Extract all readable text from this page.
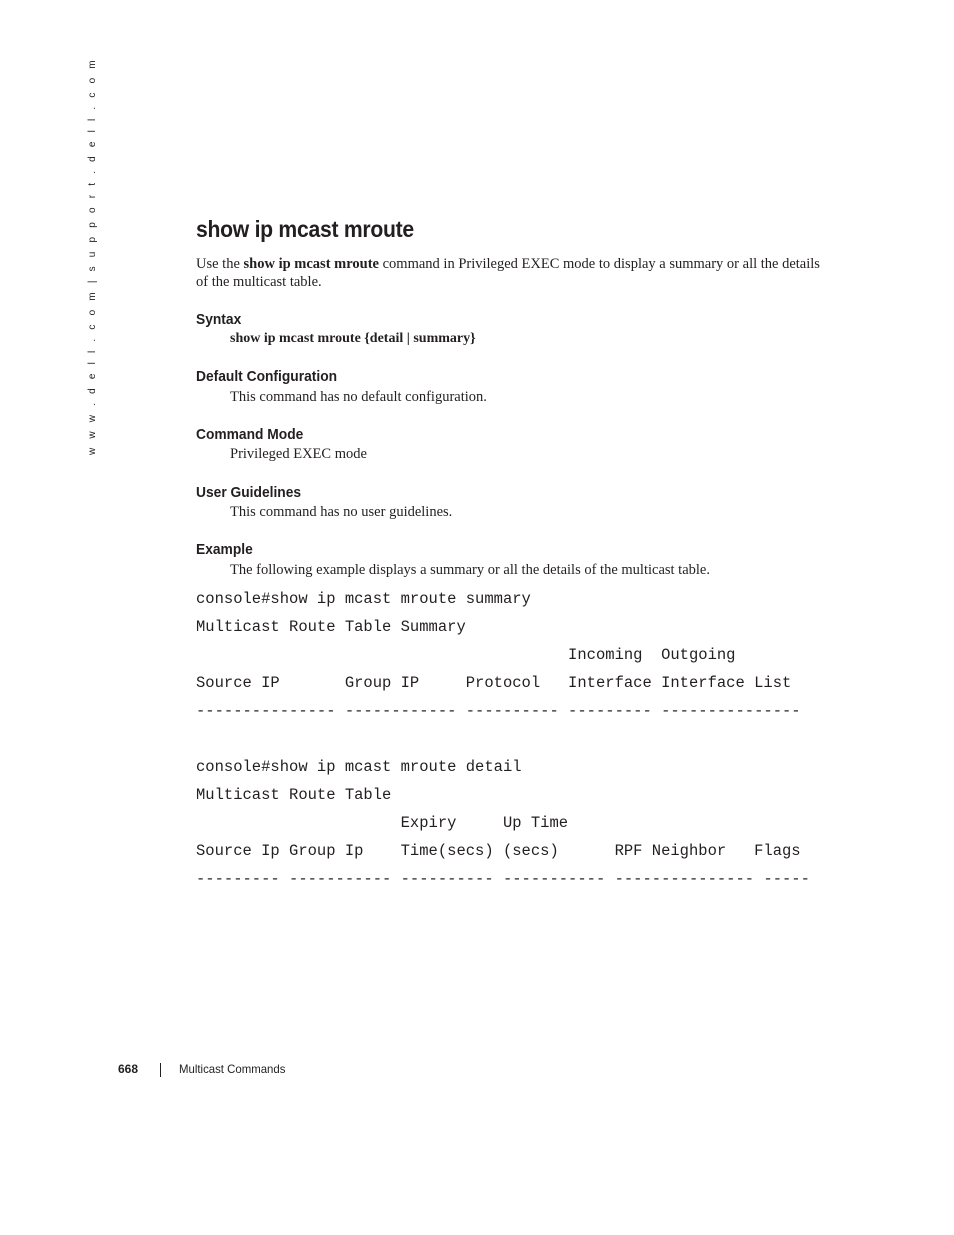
w w w . d e l l . c o m | s u p p o r t . d e l l . c o m	show ip mcast mroute

Use the show ip mcast mroute command in Privileged EXEC mode to display a summary or all the details of the multicast table.

Syntax

show ip mcast mroute {detail | summary}

Default Configuration

This command has no default configuration.

Command Mode

Privileged EXEC mode

User Guidelines

This command has no user guidelines.

Example

The following example displays a summary or all the details of the multicast table.

console#show ip mcast mroute summary
Multicast Route Table Summary
Incoming  Outgoing
Source IP       Group IP     Protocol   Interface Interface List
--------------- ------------ ---------- --------- ---------------
console#show ip mcast mroute detail
Multicast Route Table
Expiry     Up Time
Source Ip Group Ip    Time(secs) (secs)      RPF Neighbor   Flags
--------- ----------- ---------- ----------- --------------- -----
668	Multicast Commands
